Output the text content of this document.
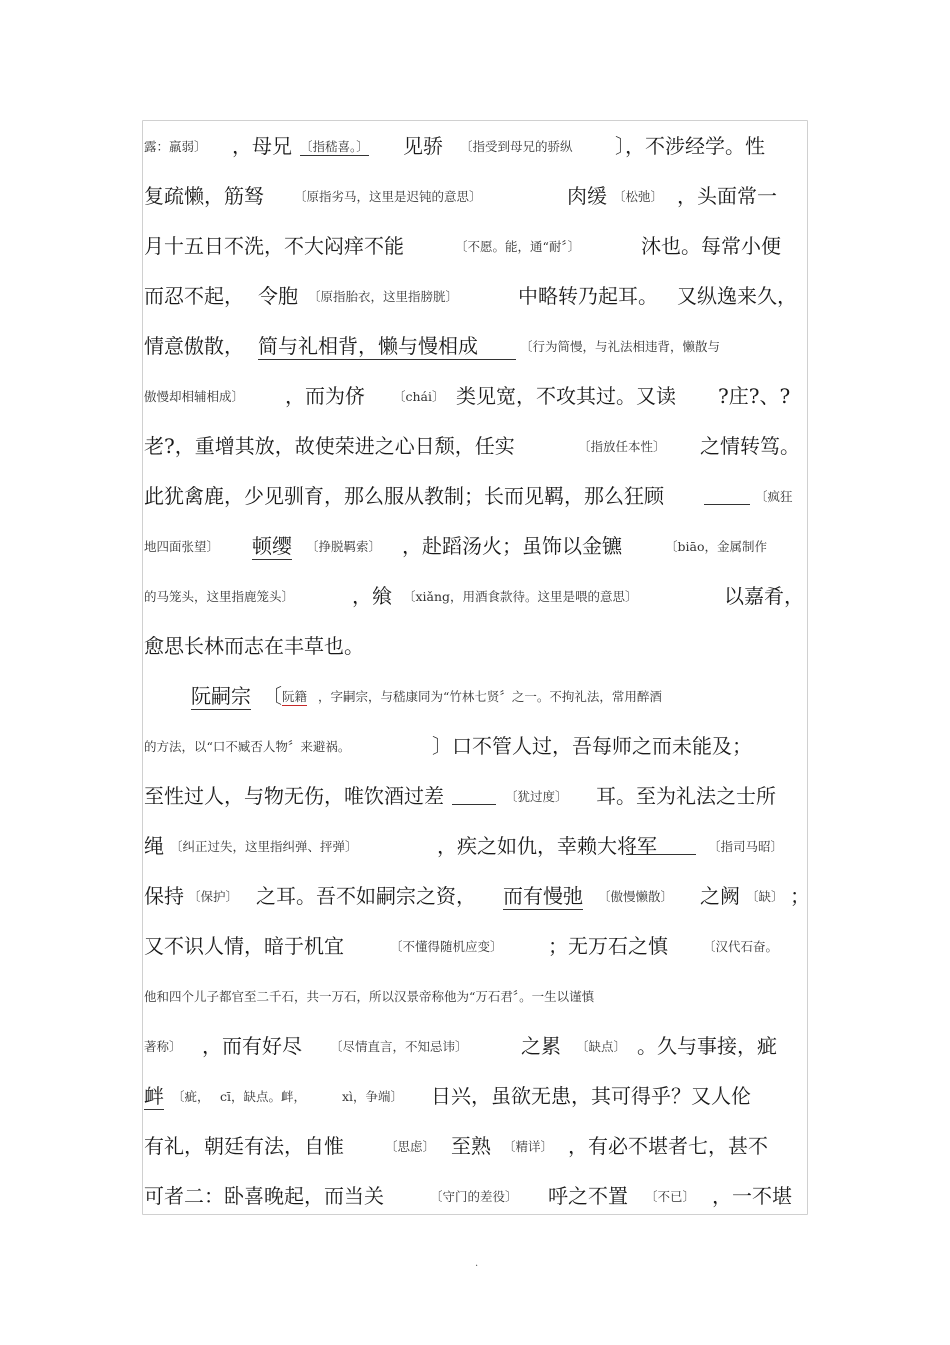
露：羸弱〕 ，母兄 〔指嵇喜。〕 见骄 〔指受到母兄的骄纵 〕，不涉经学。性
复疏懒，筋驽 〔原指劣马，这里是迟钝的意思〕	肉缓 〔松弛〕 ，头面常一
月十五日不洗，不大闷痒不能	〔不愿。能，通“耐〞〕	沐也。每常小便
而忍不起， 令胞 〔原指胎衣，这里指膀胱〕	中略转乃起耳。 又纵逸来久，
情意傲散， 简与礼相背，懒与慢相成	〔行为简慢，与礼法相违背，懒散与
傲慢却相辅相成〕 ，而为侪 〔chái〕 类见宽，不攻其过。又读 ?庄?、?
老?，重增其放，故使荣进之心日颓，任实	〔指放任本性〕 之情转笃。
此犹禽鹿，少见驯育，那么服从教制；长而见羁，那么狂顾	〔疯狂
地四面张望〕 顿缨 〔挣脱羁索〕 ，赴蹈汤火；虽饰以金镳	〔biāo，金属制作
的马笼头，这里指鹿笼头〕	，飨 〔xiǎng，用酒食款待。这里是喂的意思〕	以嘉肴，
愈思长林而志在丰草也。
阮嗣宗 〔 阮籍 ，字嗣宗，与嵇康同为“竹林七贤〞之一。不拘礼法，常用醉酒
的方法，以“口不臧否人物〞来避祸。	〕口不管人过，吾每师之而未能及；
至性过人，与物无伤，唯饮酒过差	〔犹过度〕 耳。至为礼法之士所
绳 〔纠正过失，这里指纠弹、抨弹〕	，疾之如仇，幸赖大将军	〔指司马昭〕
保持 〔保护〕 之耳。吾不如嗣宗之资， 而有慢弛 〔傲慢懒散〕 之阙 〔缺〕 ；
又不识人情，暗于机宜	〔不懂得随机应变〕 ；无万石之慎	〔汉代石奋。
他和四个儿子都官至二千石，共一万石，所以汉景帝称他为“万石君〞。一生以谨慎
著称〕 ，而有好尽 〔尽情直言，不知忌讳〕	之累 〔缺点〕 。久与事接，疵
衅 〔疵， cī，缺点。衅，	xì，争端〕 日兴，虽欲无患，其可得乎？又人伦
有礼，朝廷有法，自惟	〔思虑〕 至熟 〔精详〕 ，有必不堪者七，甚不
可者二：卧喜晚起，而当关	〔守门的差役〕 呼之不置 〔不已〕 ，一不堪
.
